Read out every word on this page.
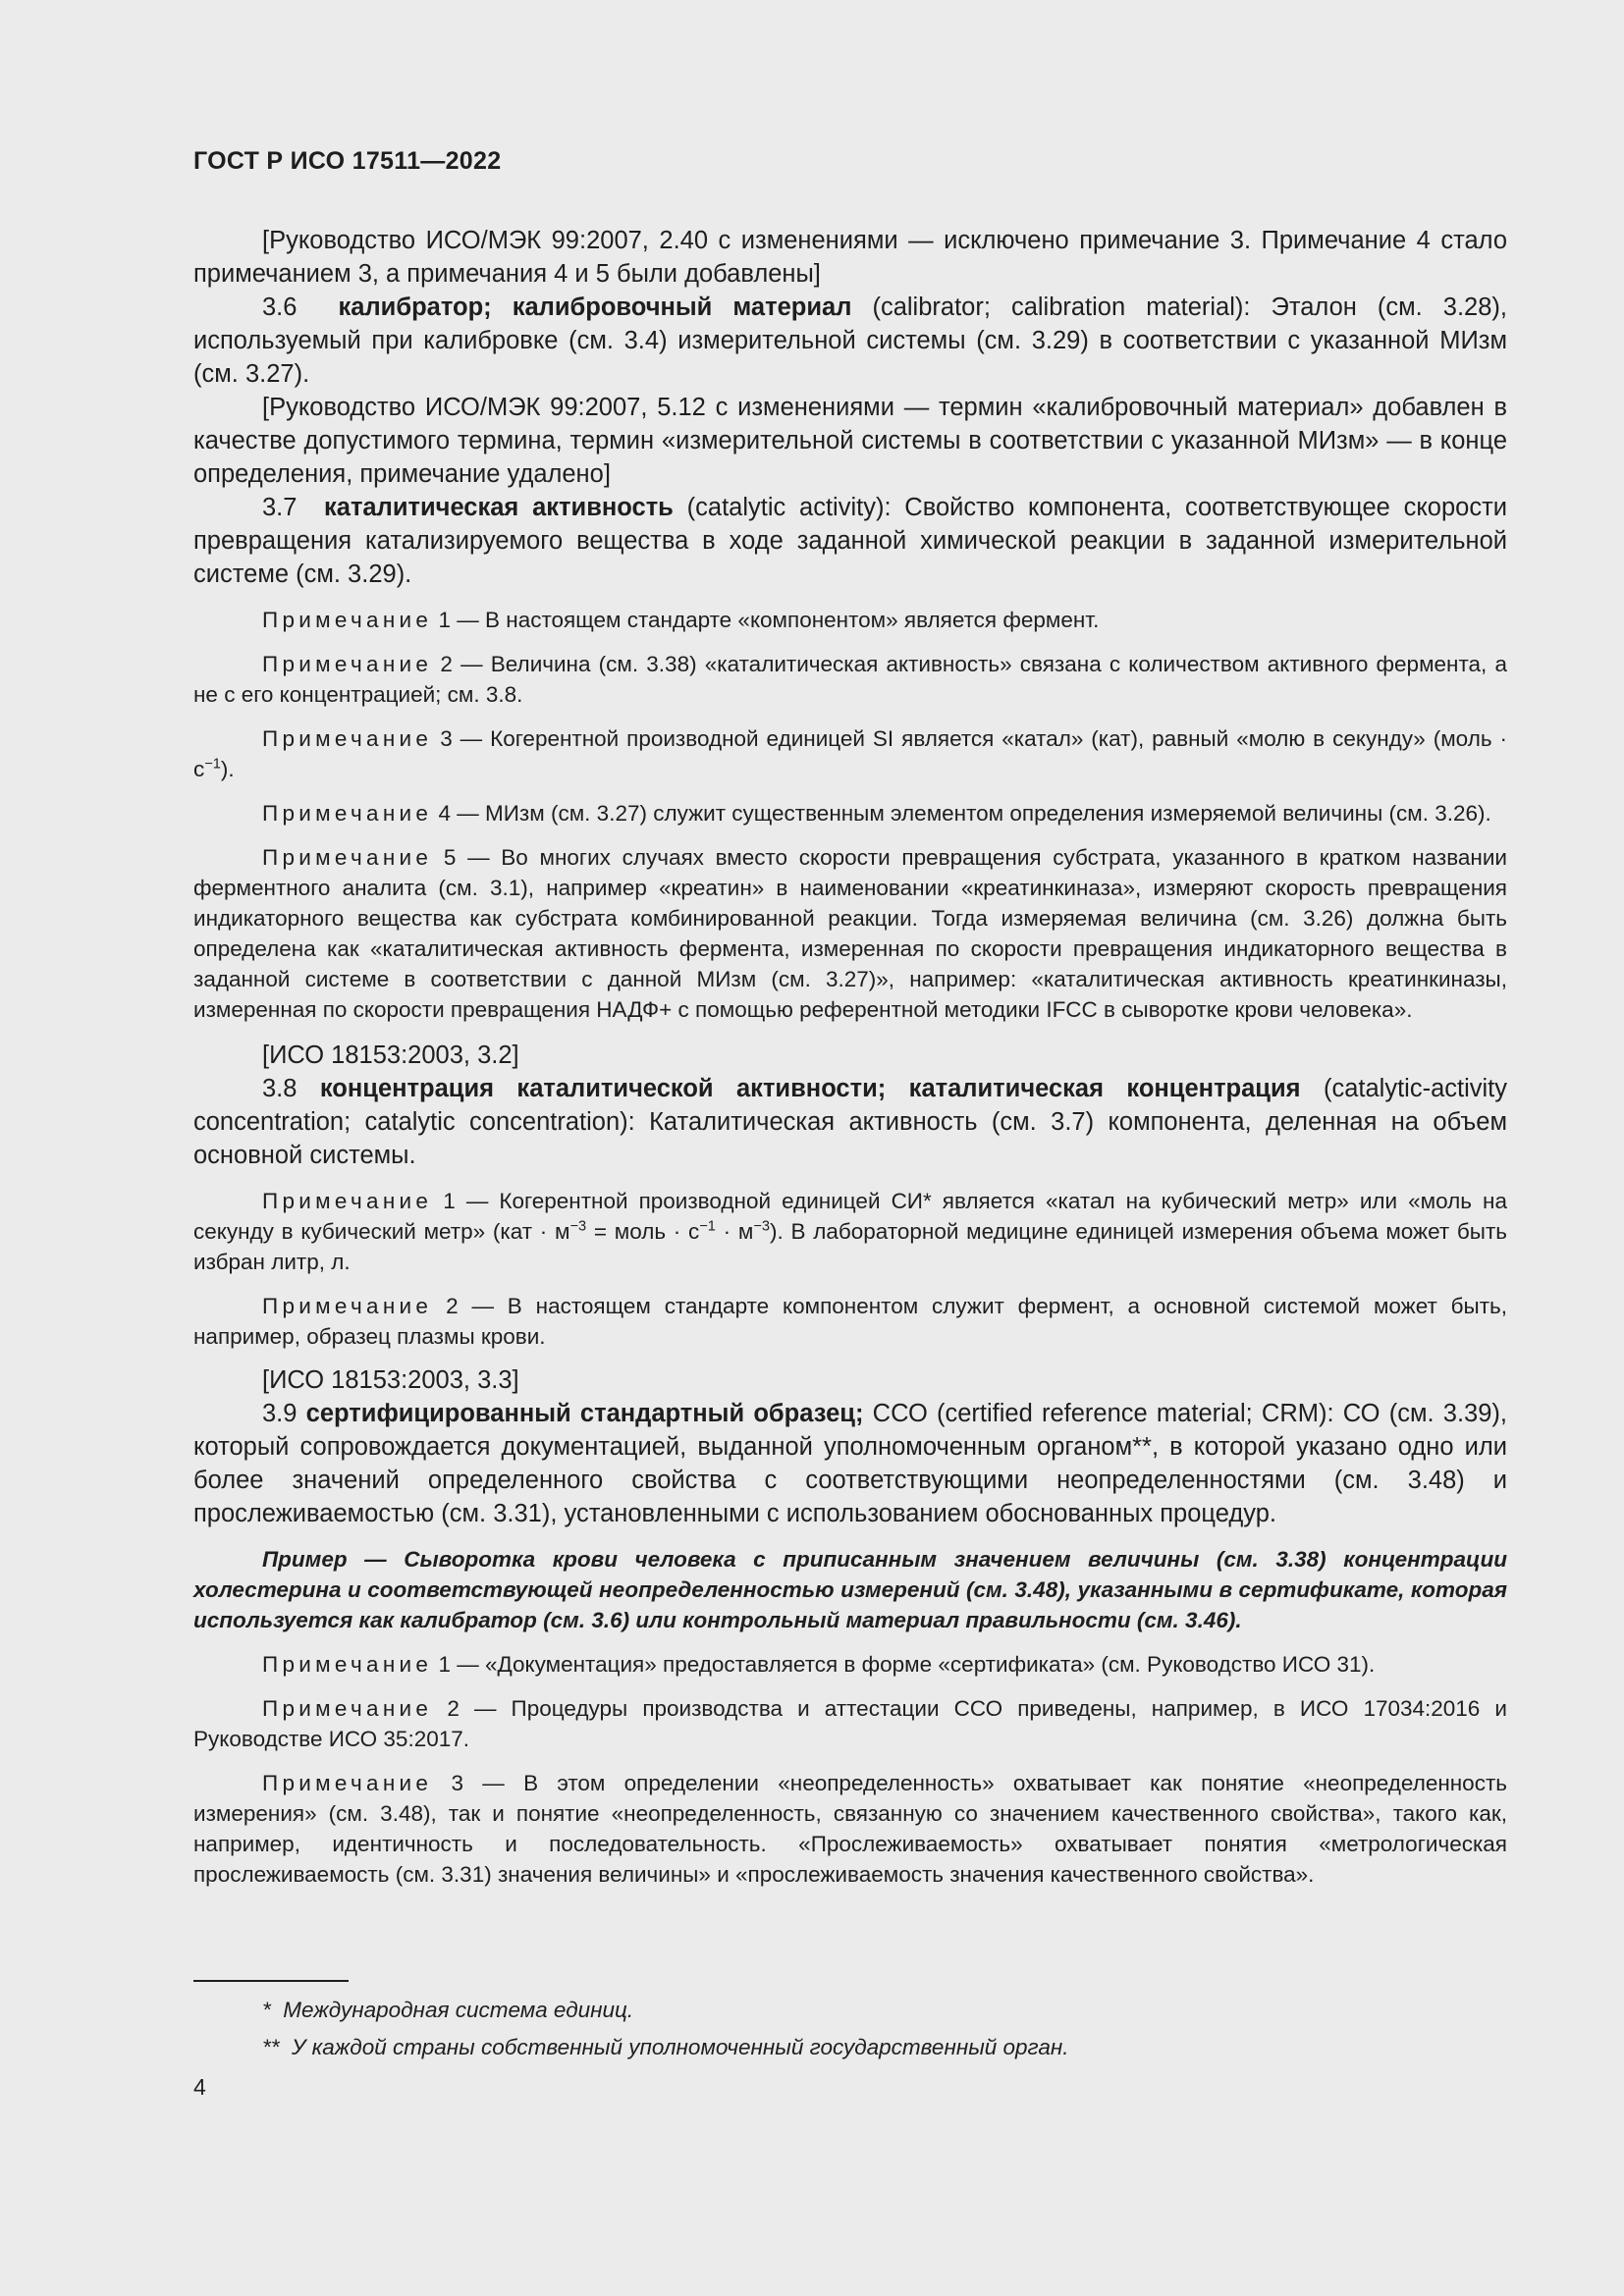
ГОСТ Р ИСО 17511—2022

[Руководство ИСО/МЭК 99:2007, 2.40 с изменениями — исключено примечание 3. Примечание 4 стало примечанием 3, а примечания 4 и 5 были добавлены]

3.6 калибратор; калибровочный материал (calibrator; calibration material): Эталон (см. 3.28), используемый при калибровке (см. 3.4) измерительной системы (см. 3.29) в соответствии с указанной МИзм (см. 3.27).

[Руководство ИСО/МЭК 99:2007, 5.12 с изменениями — термин «калибровочный материал» добавлен в качестве допустимого термина, термин «измерительной системы в соответствии с указанной МИзм» — в конце определения, примечание удалено]

3.7 каталитическая активность (catalytic activity): Свойство компонента, соответствующее скорости превращения катализируемого вещества в ходе заданной химической реакции в заданной измерительной системе (см. 3.29).

Примечание 1 — В настоящем стандарте «компонентом» является фермент.

Примечание 2 — Величина (см. 3.38) «каталитическая активность» связана с количеством активного фермента, а не с его концентрацией; см. 3.8.

Примечание 3 — Когерентной производной единицей SI является «катал» (кат), равный «молю в секунду» (моль · $с^{-1}$).

Примечание 4 — МИзм (см. 3.27) служит существенным элементом определения измеряемой величины (см. 3.26).

Примечание 5 — Во многих случаях вместо скорости превращения субстрата, указанного в кратком названии ферментного аналита (см. 3.1), например «креатин» в наименовании «креатинкиназа», измеряют скорость превращения индикаторного вещества как субстрата комбинированной реакции. Тогда измеряемая величина (см. 3.26) должна быть определена как «каталитическая активность фермента, измеренная по скорости превращения индикаторного вещества в заданной системе в соответствии с данной МИзм (см. 3.27)», например: «каталитическая активность креатинкиназы, измеренная по скорости превращения НАДФ+ с помощью референтной методики IFCC в сыворотке крови человека».

[ИСО 18153:2003, 3.2]

3.8 концентрация каталитической активности; каталитическая концентрация (catalytic-activity concentration; catalytic concentration): Каталитическая активность (см. 3.7) компонента, деленная на объем основной системы.

Примечание 1 — Когерентной производной единицей СИ* является «катал на кубический метр» или «моль на секунду в кубический метр» ($кат \cdot м^{-3}$ = моль · $с^{-1} \cdot м^{-3}$). В лабораторной медицине единицей измерения объема может быть избран литр, л.

Примечание 2 — В настоящем стандарте компонентом служит фермент, а основной системой может быть, например, образец плазмы крови.

[ИСО 18153:2003, 3.3]

3.9 сертифицированный стандартный образец; ССО (certified reference material; CRM): СО (см. 3.39), который сопровождается документацией, выданной уполномоченным органом**, в которой указано одно или более значений определенного свойства с соответствующими неопределенностями (см. 3.48) и прослеживаемостью (см. 3.31), установленными с использованием обоснованных процедур.

Пример — Сыворотка крови человека с приписанным значением величины (см. 3.38) концентрации холестерина и соответствующей неопределенностью измерений (см. 3.48), указанными в сертификате, которая используется как калибратор (см. 3.6) или контрольный материал правильности (см. 3.46).

Примечание 1 — «Документация» предоставляется в форме «сертификата» (см. Руководство ИСО 31).

Примечание 2 — Процедуры производства и аттестации ССО приведены, например, в ИСО 17034:2016 и Руководстве ИСО 35:2017.

Примечание 3 — В этом определении «неопределенность» охватывает как понятие «неопределенность измерения» (см. 3.48), так и понятие «неопределенность, связанную со значением качественного свойства», такого как, например, идентичность и последовательность. «Прослеживаемость» охватывает понятия «метрологическая прослеживаемость (см. 3.31) значения величины» и «прослеживаемость значения качественного свойства».

* Международная система единиц.
** У каждой страны собственный уполномоченный государственный орган.
4
